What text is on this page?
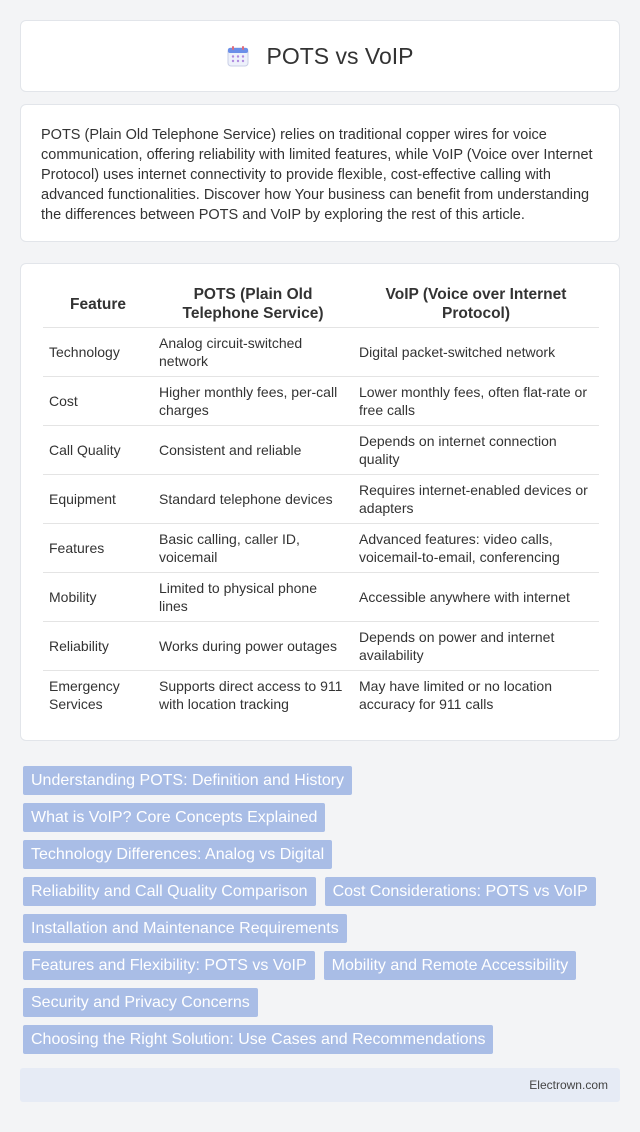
POTS vs VoIP

POTS (Plain Old Telephone Service) relies on traditional copper wires for voice communication, offering reliability with limited features, while VoIP (Voice over Internet Protocol) uses internet connectivity to provide flexible, cost-effective calling with advanced functionalities. Discover how Your business can benefit from understanding the differences between POTS and VoIP by exploring the rest of this article.

Feature	POTS (Plain Old Telephone Service)	VoIP (Voice over Internet Protocol)
Technology	Analog circuit-switched network	Digital packet-switched network
Cost	Higher monthly fees, per-call charges	Lower monthly fees, often flat-rate or free calls
Call Quality	Consistent and reliable	Depends on internet connection quality
Equipment	Standard telephone devices	Requires internet-enabled devices or adapters
Features	Basic calling, caller ID, voicemail	Advanced features: video calls, voicemail-to-email, conferencing
Mobility	Limited to physical phone lines	Accessible anywhere with internet
Reliability	Works during power outages	Depends on power and internet availability
Emergency Services	Supports direct access to 911 with location tracking	May have limited or no location accuracy for 911 calls
Understanding POTS: Definition and History
What is VoIP? Core Concepts Explained
Technology Differences: Analog vs Digital
Reliability and Call Quality Comparison	Cost Considerations: POTS vs VoIP
Installation and Maintenance Requirements
Features and Flexibility: POTS vs VoIP	Mobility and Remote Accessibility
Security and Privacy Concerns
Choosing the Right Solution: Use Cases and Recommendations
Electrown.com
